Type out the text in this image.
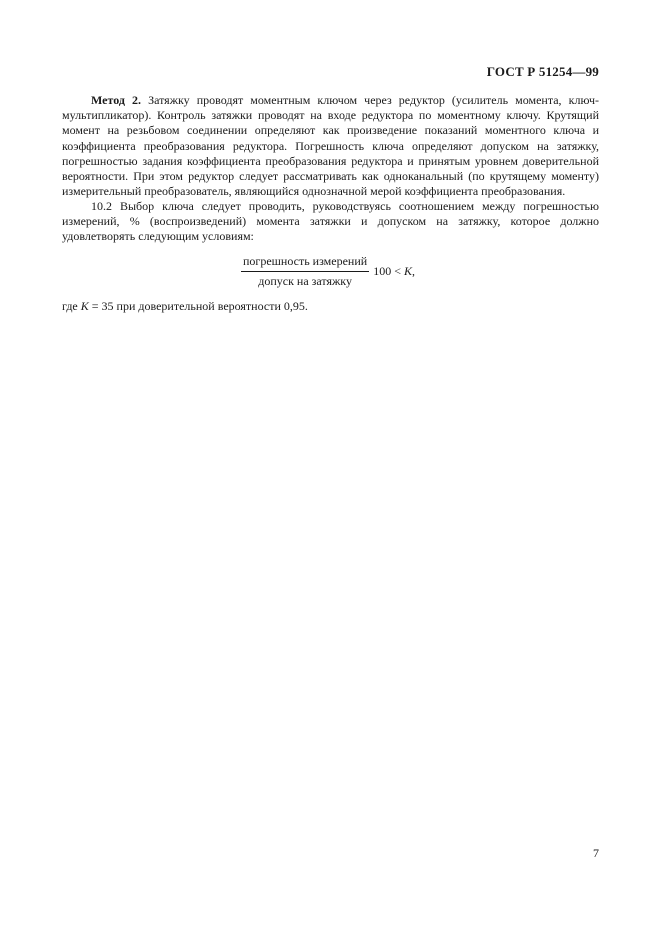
ГОСТ Р 51254—99

Метод 2. Затяжку проводят моментным ключом через редуктор (усилитель момента, ключ-мультипликатор). Контроль затяжки проводят на входе редуктора по моментному ключу. Крутящий момент на резьбовом соединении определяют как произведение показаний моментного ключа и коэффициента преобразования редуктора. Погрешность ключа определяют допуском на затяжку, погрешностью задания коэффициента преобразования редуктора и принятым уровнем доверительной вероятности. При этом редуктор следует рассматривать как одноканальный (по крутящему моменту) измерительный преобразователь, являющийся однозначной мерой коэффициента преобразования.

10.2 Выбор ключа следует проводить, руководствуясь соотношением между погрешностью измерений, % (воспроизведений) момента затяжки и допуском на затяжку, которое должно удовлетворять следующим условиям:

$\frac{\text{погрешность измерений}}{\text{допуск на затяжку}} 100 < K$,
где K = 35 при доверительной вероятности 0,95.
7
